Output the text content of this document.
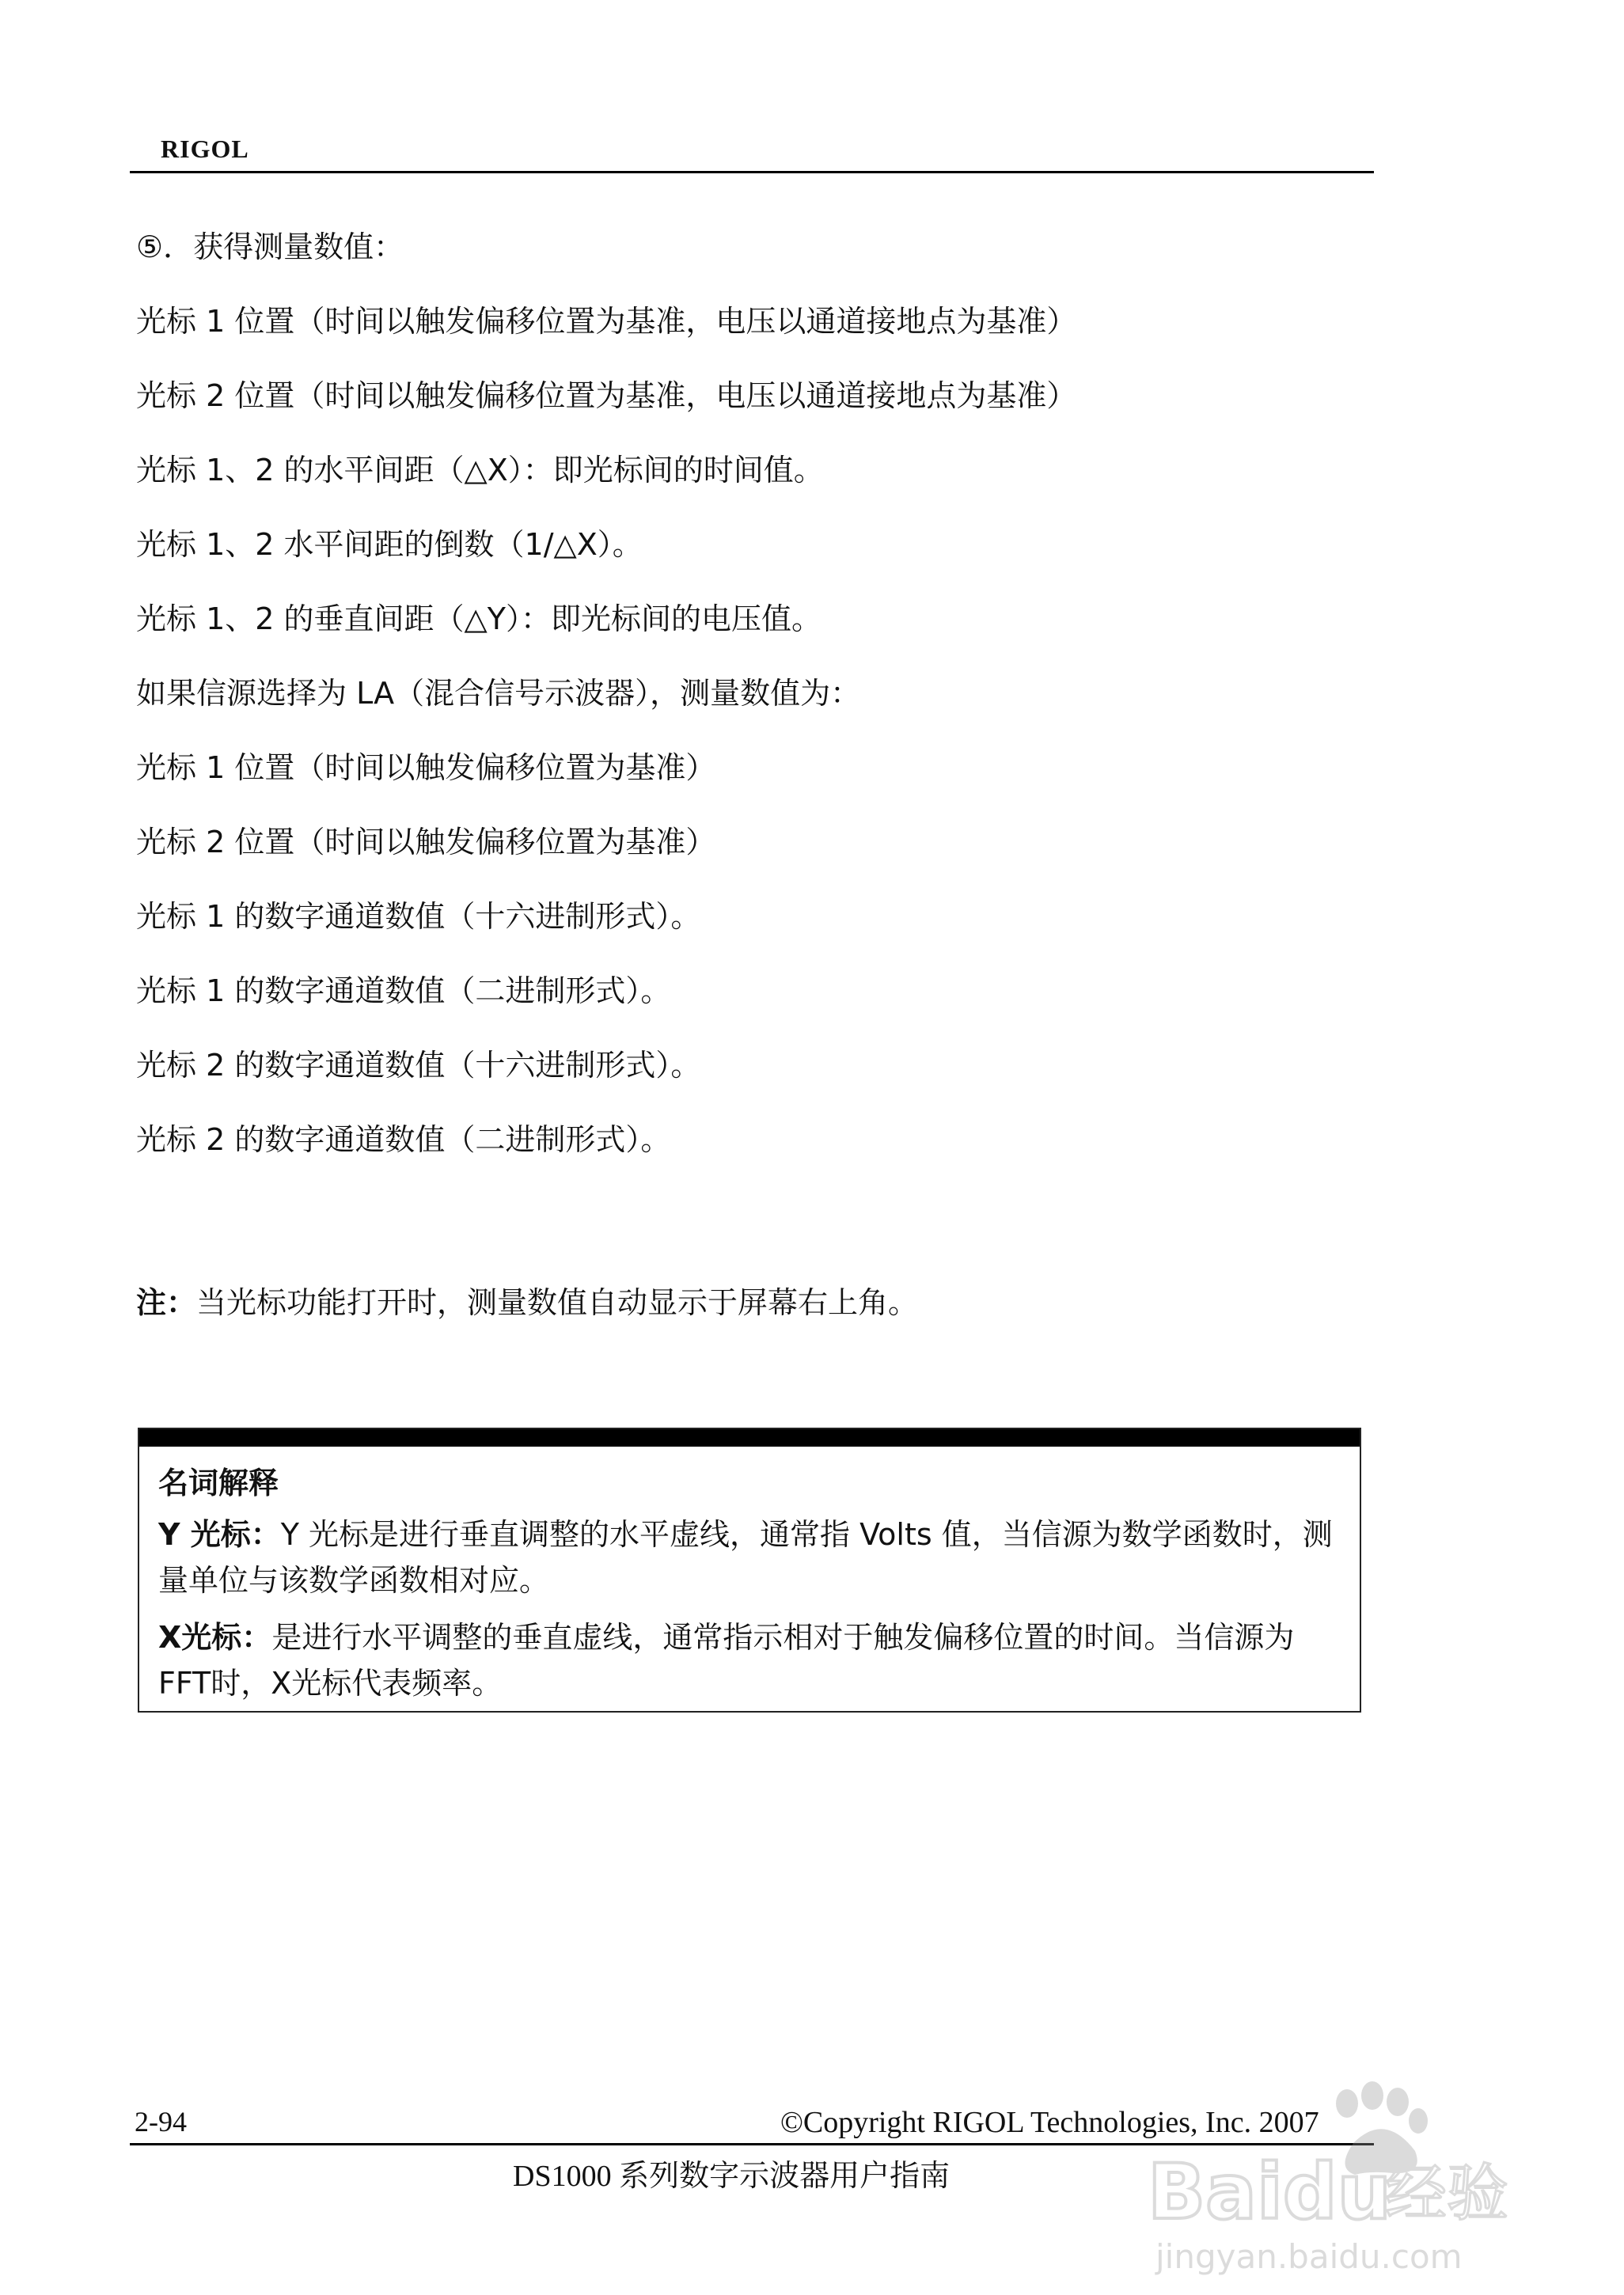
RIGOL
⑤．获得测量数值：
光标 1 位置（时间以触发偏移位置为基准，电压以通道接地点为基准）
光标 2 位置（时间以触发偏移位置为基准，电压以通道接地点为基准）
光标 1、2 的水平间距（△X）：即光标间的时间值。
光标 1、2 水平间距的倒数（1/△X）。
光标 1、2 的垂直间距（△Y）：即光标间的电压值。
如果信源选择为 LA（混合信号示波器），测量数值为：
光标 1 位置（时间以触发偏移位置为基准）
光标 2 位置（时间以触发偏移位置为基准）
光标 1 的数字通道数值（十六进制形式）。
光标 1 的数字通道数值（二进制形式）。
光标 2 的数字通道数值（十六进制形式）。
光标 2 的数字通道数值（二进制形式）。
注：当光标功能打开时，测量数值自动显示于屏幕右上角。
名词解释

Y 光标：Y 光标是进行垂直调整的水平虚线，通常指 Volts 值，当信源为数学函数时，测量单位与该数学函数相对应。

X光标：是进行水平调整的垂直虚线，通常指示相对于触发偏移位置的时间。当信源为FFT时，X光标代表频率。

2-94	©Copyright RIGOL Technologies, Inc. 2007
DS1000 系列数字示波器用户指南	Baidu
经验
jingyan.baidu.com
